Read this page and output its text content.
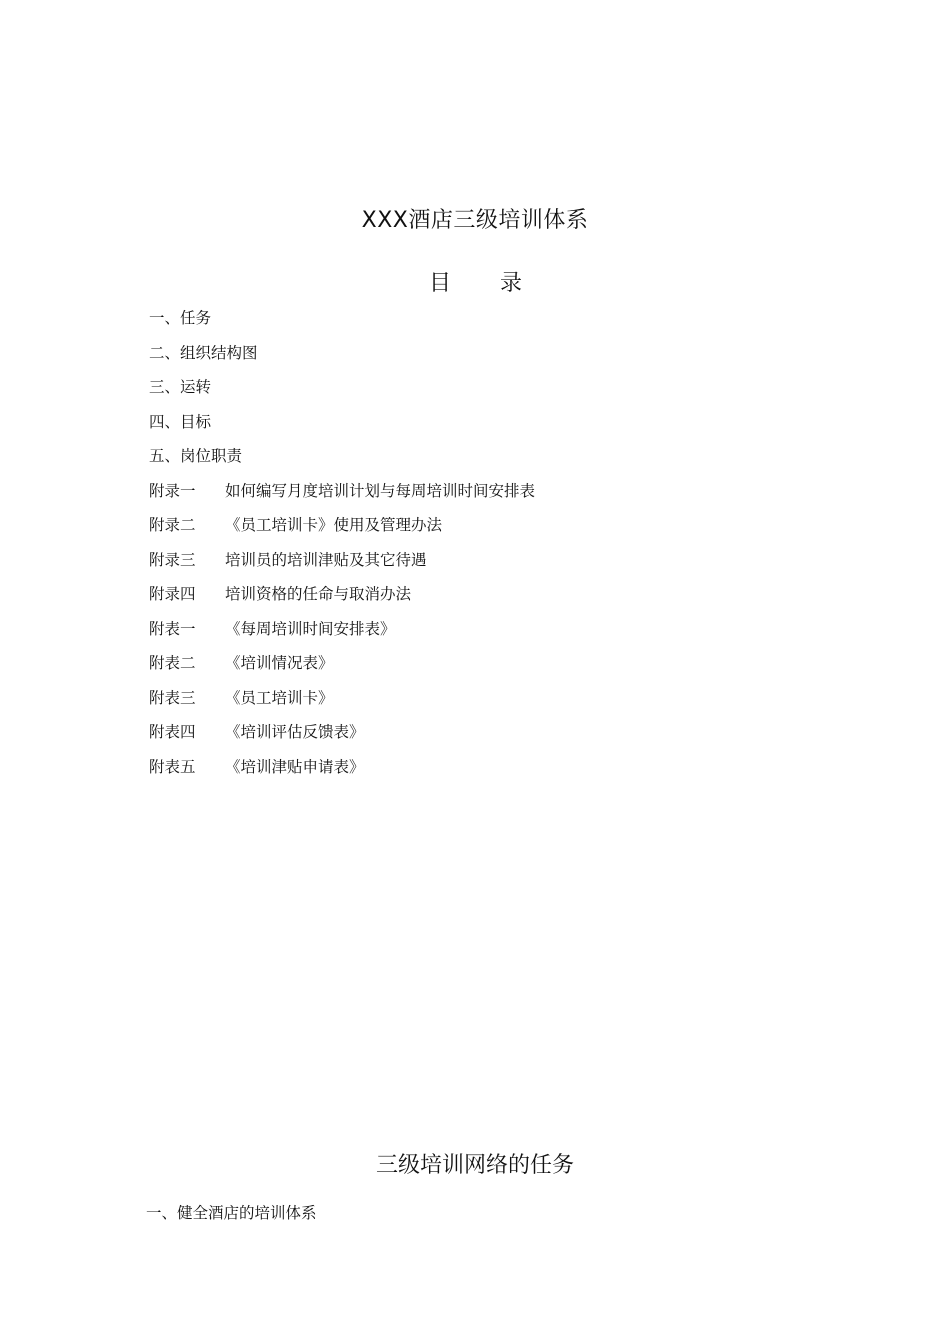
XXX酒店三级培训体系
目 录
一、任务
二、组织结构图
三、运转
四、目标
五、岗位职责
附录一 如何编写月度培训计划与每周培训时间安排表
附录二 《员工培训卡》使用及管理办法
附录三 培训员的培训津贴及其它待遇
附录四 培训资格的任命与取消办法
附表一 《每周培训时间安排表》
附表二 《培训情况表》
附表三 《员工培训卡》
附表四 《培训评估反馈表》
附表五 《培训津贴申请表》
三级培训网络的任务

一、健全酒店的培训体系
